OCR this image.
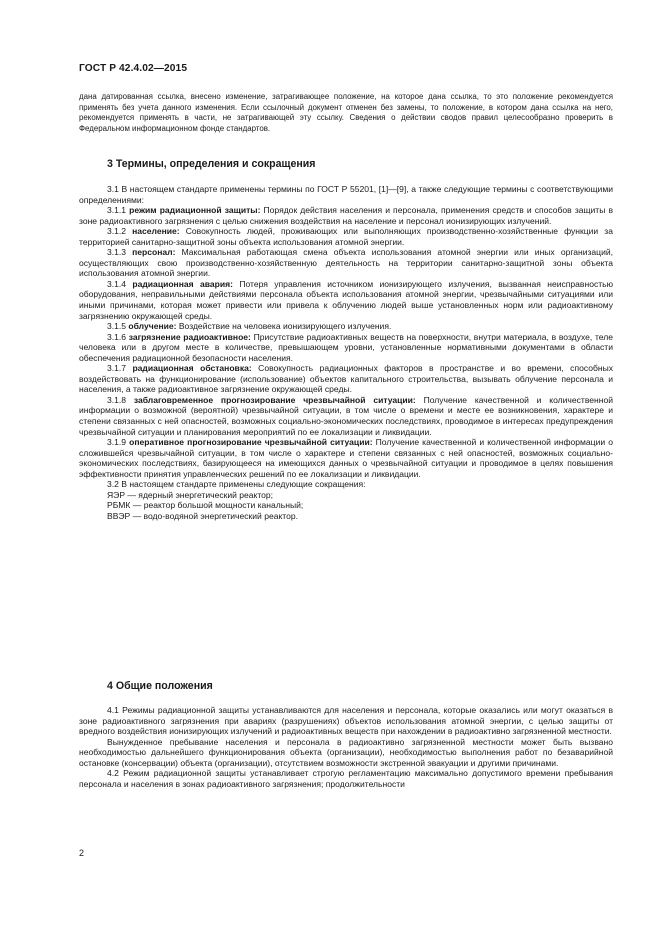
ГОСТ Р 42.4.02—2015

дана датированная ссылка, внесено изменение, затрагивающее положение, на которое дана ссылка, то это положение рекомендуется применять без учета данного изменения. Если ссылочный документ отменен без замены, то положение, в котором дана ссылка на него, рекомендуется применять в части, не затрагивающей эту ссылку. Сведения о действии сводов правил целесообразно проверить в Федеральном информационном фонде стандартов.

3 Термины, определения и сокращения

3.1 В настоящем стандарте применены термины по ГОСТ Р 55201, [1]—[9], а также следующие термины с соответствующими определениями:

3.1.1 режим радиационной защиты: Порядок действия населения и персонала, применения средств и способов защиты в зоне радиоактивного загрязнения с целью снижения воздействия на население и персонал ионизирующих излучений.

3.1.2 население: Совокупность людей, проживающих или выполняющих производственно-хозяйственные функции за территорией санитарно-защитной зоны объекта использования атомной энергии.

3.1.3 персонал: Максимальная работающая смена объекта использования атомной энергии или иных организаций, осуществляющих свою производственно-хозяйственную деятельность на территории санитарно-защитной зоны объекта использования атомной энергии.

3.1.4 радиационная авария: Потеря управления источником ионизирующего излучения, вызванная неисправностью оборудования, неправильными действиями персонала объекта использования атомной энергии, чрезвычайными ситуациями или иными причинами, которая может привести или привела к облучению людей выше установленных норм или радиоактивному загрязнению окружающей среды.

3.1.5 облучение: Воздействие на человека ионизирующего излучения.

3.1.6 загрязнение радиоактивное: Присутствие радиоактивных веществ на поверхности, внутри материала, в воздухе, теле человека или в другом месте в количестве, превышающем уровни, установленные нормативными документами в области обеспечения радиационной безопасности населения.

3.1.7 радиационная обстановка: Совокупность радиационных факторов в пространстве и во времени, способных воздействовать на функционирование (использование) объектов капитального строительства, вызывать облучение персонала и населения, а также радиоактивное загрязнение окружающей среды.

3.1.8 заблаговременное прогнозирование чрезвычайной ситуации: Получение качественной и количественной информации о возможной (вероятной) чрезвычайной ситуации, в том числе о времени и месте ее возникновения, характере и степени связанных с ней опасностей, возможных социально-экономических последствиях, проводимое в интересах предупреждения чрезвычайной ситуации и планирования мероприятий по ее локализации и ликвидации.

3.1.9 оперативное прогнозирование чрезвычайной ситуации: Получение качественной и количественной информации о сложившейся чрезвычайной ситуации, в том числе о характере и степени связанных с ней опасностей, возможных социально-экономических последствиях, базирующееся на имеющихся данных о чрезвычайной ситуации и проводимое в целях повышения эффективности принятия управленческих решений по ее локализации и ликвидации.

3.2 В настоящем стандарте применены следующие сокращения:

ЯЭР — ядерный энергетический реактор;

РБМК — реактор большой мощности канальный;

ВВЭР — водо-водяной энергетический реактор.

4 Общие положения

4.1 Режимы радиационной защиты устанавливаются для населения и персонала, которые оказались или могут оказаться в зоне радиоактивного загрязнения при авариях (разрушениях) объектов использования атомной энергии, с целью защиты от вредного воздействия ионизирующих излучений и радиоактивных веществ при нахождении в радиоактивно загрязненной местности.

Вынужденное пребывание населения и персонала в радиоактивно загрязненной местности может быть вызвано необходимостью дальнейшего функционирования объекта (организации), необходимостью выполнения работ по безаварийной остановке (консервации) объекта (организации), отсутствием возможности экстренной эвакуации и другими причинами.

4.2 Режим радиационной защиты устанавливает строгую регламентацию максимально допустимого времени пребывания персонала и населения в зонах радиоактивного загрязнения; продолжительности

2
